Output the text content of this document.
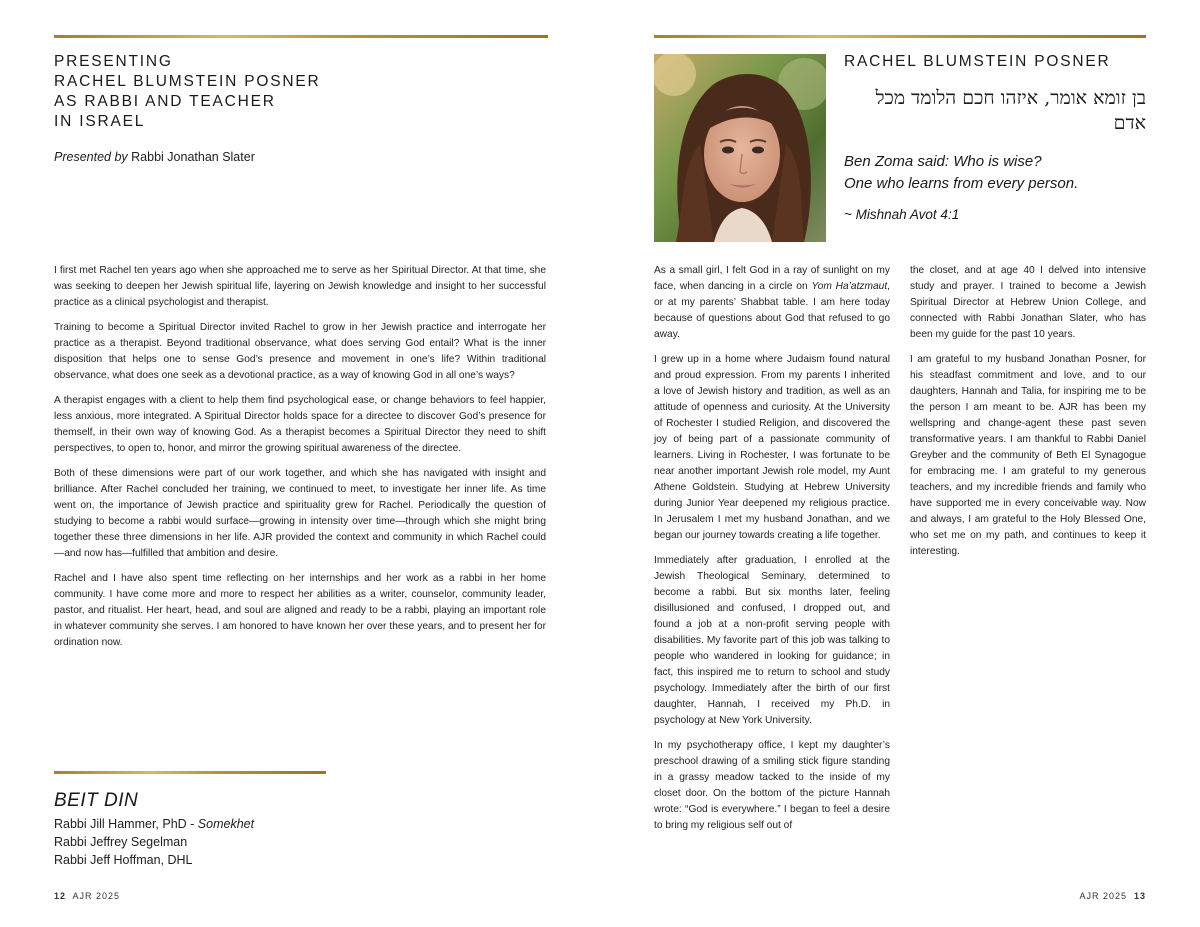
PRESENTING
RACHEL BLUMSTEIN POSNER
AS RABBI AND TEACHER
IN ISRAEL
Presented by Rabbi Jonathan Slater

I first met Rachel ten years ago when she approached me to serve as her Spiritual Director. At that time, she was seeking to deepen her Jewish spiritual life, layering on Jewish knowledge and insight to her successful practice as a clinical psychologist and therapist.

Training to become a Spiritual Director invited Rachel to grow in her Jewish practice and interrogate her practice as a therapist. Beyond traditional observance, what does serving God entail? What is the inner disposition that helps one to sense God’s presence and movement in one’s life? Within traditional observance, what does one seek as a devotional practice, as a way of knowing God in all one’s ways?

A therapist engages with a client to help them find psychological ease, or change behaviors to feel happier, less anxious, more integrated. A Spiritual Director holds space for a directee to discover God’s presence for themself, in their own way of knowing God. As a therapist becomes a Spiritual Director they need to shift perspectives, to open to, honor, and mirror the growing spiritual awareness of the directee.

Both of these dimensions were part of our work together, and which she has navigated with insight and brilliance. After Rachel concluded her training, we continued to meet, to investigate her inner life. As time went on, the importance of Jewish practice and spirituality grew for Rachel. Periodically the question of studying to become a rabbi would surface—growing in intensity over time—through which she might bring together these three dimensions in her life. AJR provided the context and community in which Rachel could—and now has—fulfilled that ambition and desire.

Rachel and I have also spent time reflecting on her internships and her work as a rabbi in her home community. I have come more and more to respect her abilities as a writer, counselor, community leader, pastor, and ritualist. Her heart, head, and soul are aligned and ready to be a rabbi, playing an important role in whatever community she serves. I am honored to have known her over these years, and to present her for ordination now.

BEIT DIN
Rabbi Jill Hammer, PhD - Somekhet
Rabbi Jeffrey Segelman
Rabbi Jeff Hoffman, DHL
12 AJR 2025
RACHEL BLUMSTEIN POSNER
בן זומא אומר, איזהו חכם הלומד מכל אדם
Ben Zoma said: Who is wise?
One who learns from every person.
~ Mishnah Avot 4:1

As a small girl, I felt God in a ray of sunlight on my face, when dancing in a circle on Yom Ha’atzmaut, or at my parents’ Shabbat table. I am here today because of questions about God that refused to go away.

I grew up in a home where Judaism found natural and proud expression. From my parents I inherited a love of Jewish history and tradition, as well as an attitude of openness and curiosity. At the University of Rochester I studied Religion, and discovered the joy of being part of a passionate community of learners. Living in Rochester, I was fortunate to be near another important Jewish role model, my Aunt Athene Goldstein. Studying at Hebrew University during Junior Year deepened my religious practice. In Jerusalem I met my husband Jonathan, and we began our journey towards creating a life together.

Immediately after graduation, I enrolled at the Jewish Theological Seminary, determined to become a rabbi. But six months later, feeling disillusioned and confused, I dropped out, and found a job at a non-profit serving people with disabilities. My favorite part of this job was talking to people who wandered in looking for guidance; in fact, this inspired me to return to school and study psychology. Immediately after the birth of our first daughter, Hannah, I received my Ph.D. in psychology at New York University.

In my psychotherapy office, I kept my daughter’s preschool drawing of a smiling stick figure standing in a grassy meadow tacked to the inside of my closet door. On the bottom of the picture Hannah wrote: “God is everywhere.” I began to feel a desire to bring my religious self out of

the closet, and at age 40 I delved into intensive study and prayer. I trained to become a Jewish Spiritual Director at Hebrew Union College, and connected with Rabbi Jonathan Slater, who has been my guide for the past 10 years.

I am grateful to my husband Jonathan Posner, for his steadfast commitment and love, and to our daughters, Hannah and Talia, for inspiring me to be the person I am meant to be. AJR has been my wellspring and change-agent these past seven transformative years. I am thankful to Rabbi Daniel Greyber and the community of Beth El Synagogue for embracing me. I am grateful to my generous teachers, and my incredible friends and family who have supported me in every conceivable way. Now and always, I am grateful to the Holy Blessed One, who set me on my path, and continues to keep it interesting.

AJR 2025 13
